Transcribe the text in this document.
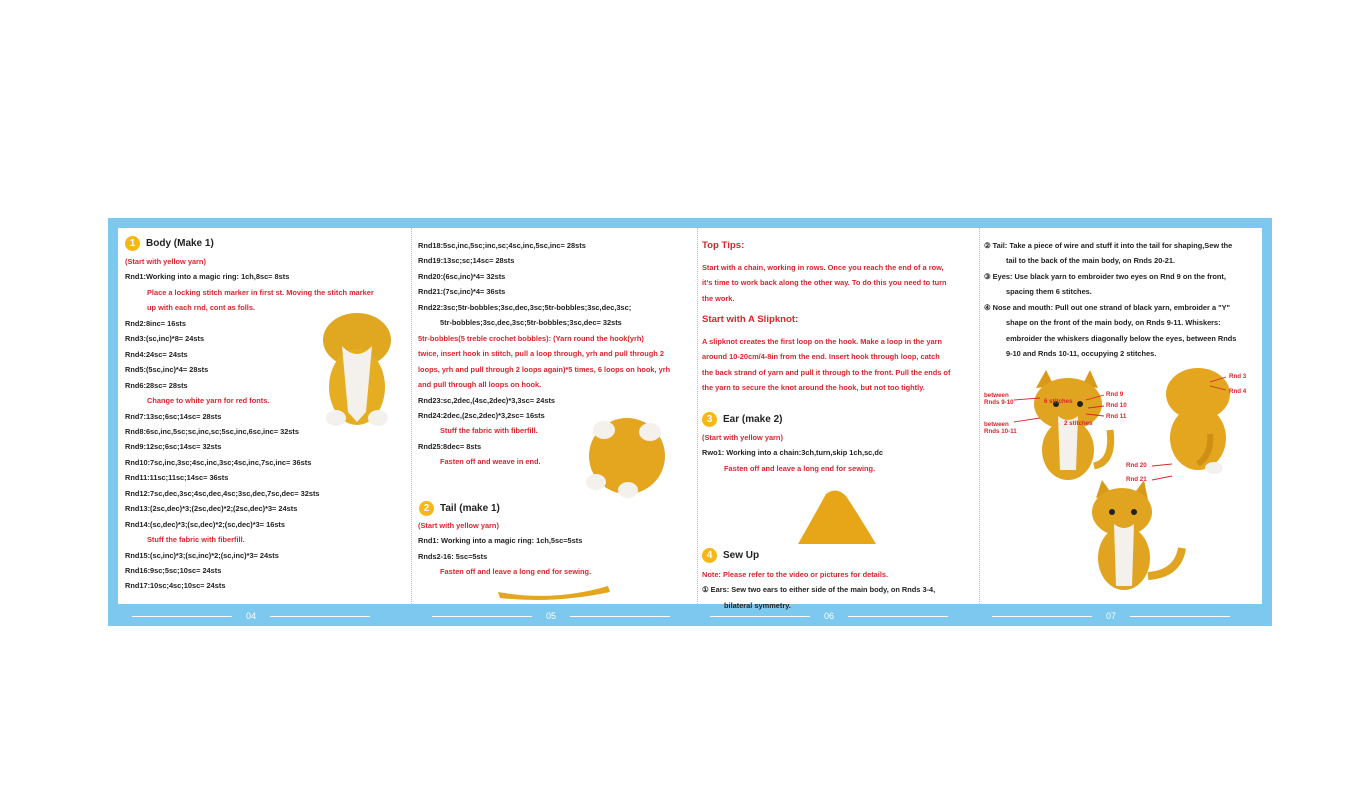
1	Body (Make 1)
(Start with yellow yarn)
Rnd1:Working into a magic ring: 1ch,8sc= 8sts
Place a locking stitch marker in first st. Moving the stitch marker
up with each rnd, cont as folls.
Rnd2:8inc= 16sts
Rnd3:(sc,inc)*8= 24sts
Rnd4:24sc= 24sts
Rnd5:(5sc,inc)*4= 28sts
Rnd6:28sc= 28sts
Change to white yarn for red fonts.
Rnd7:13sc;6sc;14sc= 28sts
Rnd8:6sc,inc,5sc;sc,inc,sc;5sc,inc,6sc,inc= 32sts
Rnd9:12sc;6sc;14sc= 32sts
Rnd10:7sc,inc,3sc;4sc,inc,3sc;4sc,inc,7sc,inc= 36sts
Rnd11:11sc;11sc;14sc= 36sts
Rnd12:7sc,dec,3sc;4sc,dec,4sc;3sc,dec,7sc,dec= 32sts
Rnd13:(2sc,dec)*3;(2sc,dec)*2;(2sc,dec)*3= 24sts
Rnd14:(sc,dec)*3;(sc,dec)*2;(sc,dec)*3= 16sts
Stuff the fabric with fiberfill.
Rnd15:(sc,inc)*3;(sc,inc)*2;(sc,inc)*3= 24sts
Rnd16:9sc;5sc;10sc= 24sts
Rnd17:10sc;4sc;10sc= 24sts
Rnd18:5sc,inc,5sc;inc,sc;4sc,inc,5sc,inc= 28sts
Rnd19:13sc;sc;14sc= 28sts
Rnd20:(6sc,inc)*4= 32sts
Rnd21:(7sc,inc)*4= 36sts
Rnd22:3sc;5tr-bobbles;3sc,dec,3sc;5tr-bobbles;3sc,dec,3sc;
5tr-bobbles;3sc,dec,3sc;5tr-bobbles;3sc,dec= 32sts
5tr-bobbles(5 treble crochet bobbles): (Yarn round the hook(yrh)
twice, insert hook in stitch, pull a loop through, yrh and pull through 2
loops, yrh and pull through 2 loops again)*5 times, 6 loops on hook, yrh
and pull through all loops on hook.
Rnd23:sc,2dec,(4sc,2dec)*3,3sc= 24sts
Rnd24:2dec,(2sc,2dec)*3,2sc= 16sts
Stuff the fabric with fiberfill.
Rnd25:8dec= 8sts
Fasten off and weave in end.
2	Tail (make 1)
(Start with yellow yarn)
Rnd1: Working into a magic ring: 1ch,5sc=5sts
Rnds2-16: 5sc=5sts
Fasten off and leave a long end for sewing.
Top Tips:
Start with a chain, working in rows. Once you reach the end of a row,
it's time to work back along the other way. To do this you need to turn
the work.
Start with A Slipknot:
A slipknot creates the first loop on the hook. Make a loop in the yarn
around 10-20cm/4-8in from the end. Insert hook through loop, catch
the back strand of yarn and pull it through to the front. Pull the ends of
the yarn to secure the knot around the hook, but not too tightly.
3	Ear (make 2)
(Start with yellow yarn)
Rwo1: Working into a chain:3ch,turn,skip 1ch,sc,dc
Fasten off and leave a long end for sewing.
4	Sew Up
Note: Please refer to the video or pictures for details.
① Ears: Sew two ears to either side of the main body, on Rnds 3-4,
bilateral symmetry.
② Tail: Take a piece of wire and stuff it into the tail for shaping,Sew the
tail to the back of the main body, on Rnds 20-21.
③ Eyes: Use black yarn to embroider two eyes on Rnd 9 on the front,
spacing them 6 stitches.
④ Nose and mouth: Pull out one strand of black yarn, embroider a "Y"
shape on the front of the main body, on Rnds 9-11. Whiskers:
embroider the whiskers diagonally below the eyes, between Rnds
9-10 and Rnds 10-11, occupying 2 stitches.
between
Rnds 9-10
between
Rnds 10-11
6 stitches
2 stitches
Rnd 9
Rnd 10
Rnd 11
Rnd 3
Rnd 4
Rnd 20
Rnd 21
04	05	06	07
